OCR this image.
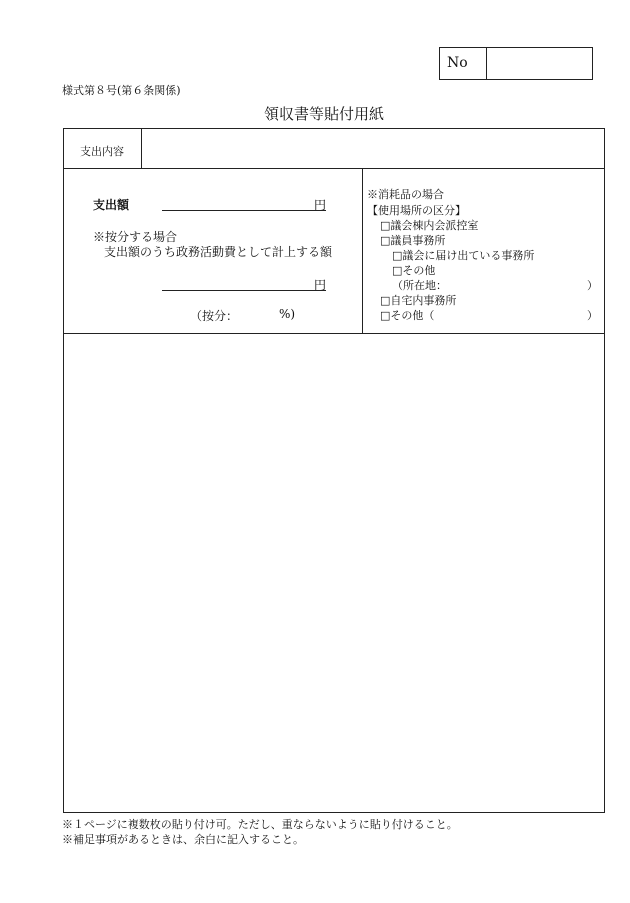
No
様式第８号(第６条関係)
領収書等貼付用紙
支出内容
支出額	円
※按分する場合
支出額のうち政務活動費として計上する額
円
（按分：	%)
※消耗品の場合
【使用場所の区分】
□議会棟内会派控室
□議員事務所
□議会に届け出ている事務所
□その他
（所在地：	）
□自宅内事務所
□その他（	）
※１ページに複数枚の貼り付け可。ただし、重ならないように貼り付けること。
※補足事項があるときは、余白に記入すること。
